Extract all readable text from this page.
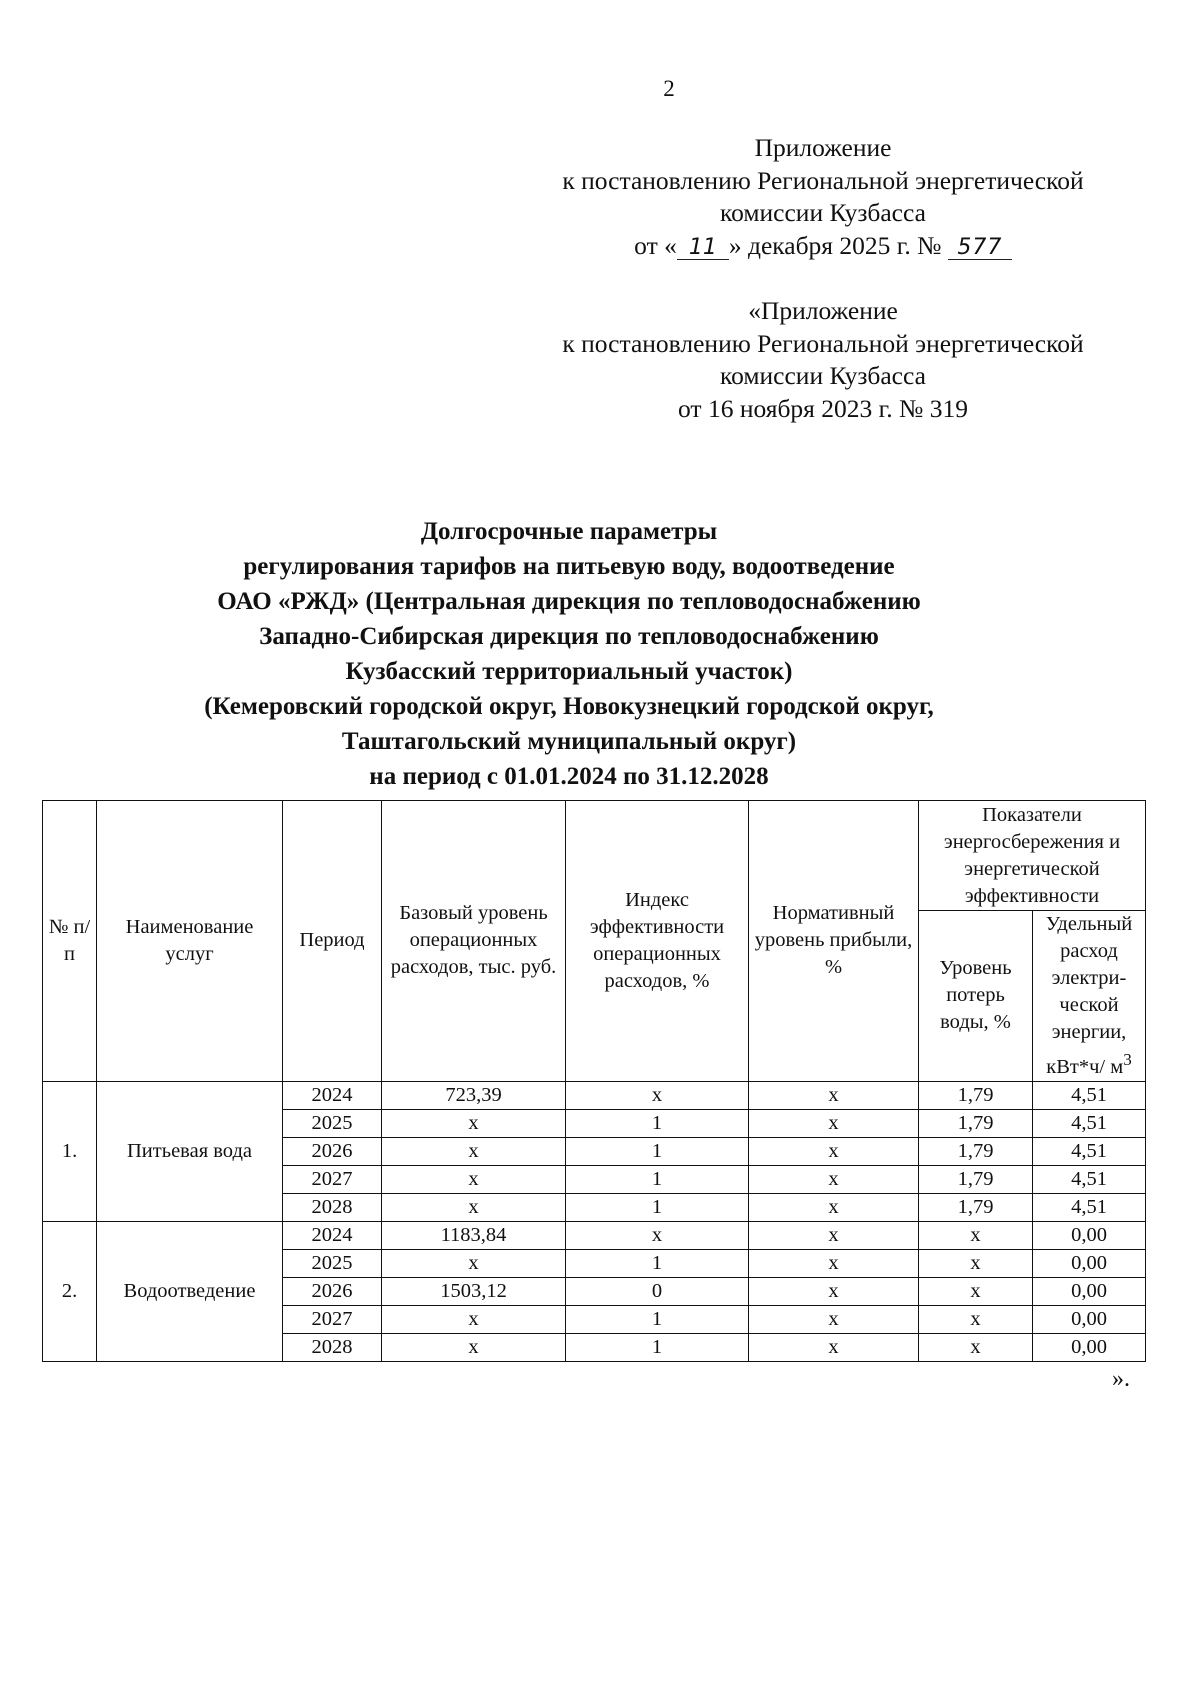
2
Приложение
к постановлению Региональной энергетической
комиссии Кузбасса
от « 11 » декабря 2025 г. № 577
«Приложение
к постановлению Региональной энергетической
комиссии Кузбасса
от 16 ноября 2023 г. № 319
Долгосрочные параметры
регулирования тарифов на питьевую воду, водоотведение
ОАО «РЖД» (Центральная дирекция по тепловодоснабжению
Западно-Сибирская дирекция по тепловодоснабжению
Кузбасский территориальный участок)
(Кемеровский городской округ, Новокузнецкий городской округ,
Таштагольский муниципальный округ)
на период с 01.01.2024 по 31.12.2028
№ п/п	Наименование услуг	Период	Базовый уровень операционных расходов, тыс. руб.	Индекс эффективности операционных расходов, %	Нормативный уровень прибыли, %	Показатели энергосбережения и энергетической эффективности	
						Уровень потерь воды, %	Удельный расход электри- ческой энергии, кВт*ч/ $м^3$
1.	Питьевая вода	2024	723,39	х	х	1,79	4,51
		2025	х	1	х	1,79	4,51
		2026	х	1	х	1,79	4,51
		2027	х	1	х	1,79	4,51
		2028	х	1	х	1,79	4,51
2.	Водоотведение	2024	1183,84	х	х	х	0,00
		2025	х	1	х	х	0,00
		2026	1503,12	0	х	х	0,00
		2027	х	1	х	х	0,00
		2028	х	1	х	х	0,00
».
